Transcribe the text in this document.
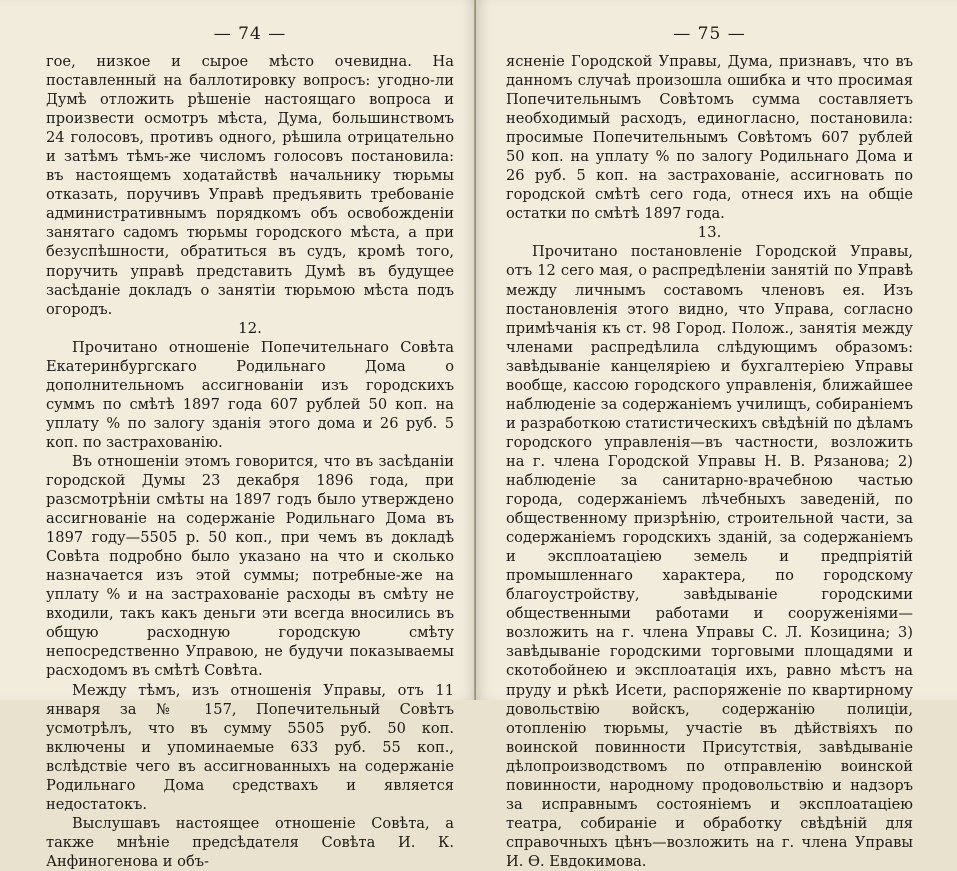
— 74 —

гое, низкое и сырое мѣсто очевидна. На поставленный на баллотировку вопросъ: угодно-ли Думѣ отложить рѣшеніе настоящаго вопроса и произвести осмотръ мѣста, Дума, большинствомъ 24 голосовъ, противъ одного, рѣшила отрицательно и затѣмъ тѣмъ-же числомъ голосовъ постановила: въ настоящемъ ходатайствѣ начальнику тюрьмы отказать, поручивъ Управѣ предъявить требованіе административнымъ порядкомъ объ освобожденіи занятаго садомъ тюрьмы городского мѣста, а при безуспѣшности, обратиться въ судъ, кромѣ того, поручить управѣ представить Думѣ въ будущее засѣданіе докладъ о занятіи тюрьмою мѣста подъ огородъ.

12.

Прочитано отношеніе Попечительнаго Совѣта Екатеринбургскаго Родильнаго Дома о дополнительномъ ассигнованіи изъ городскихъ суммъ по смѣтѣ 1897 года 607 рублей 50 коп. на уплату % по залогу зданія этого дома и 26 руб. 5 коп. по застрахованію.

Въ отношеніи этомъ говорится, что въ засѣданіи городской Думы 23 декабря 1896 года, при разсмотрѣніи смѣты на 1897 годъ было утверждено ассигнованіе на содержаніе Родильнаго Дома въ 1897 году—5505 р. 50 коп., при чемъ въ докладѣ Совѣта подробно было указано на что и сколько назначается изъ этой суммы; потребные-же на уплату % и на застрахованіе расходы въ смѣту не входили, такъ какъ деньги эти всегда вносились въ общую расходную городскую смѣту непосредственно Управою, не будучи показываемы расходомъ въ смѣтѣ Совѣта.

Между тѣмъ, изъ отношенія Управы, отъ 11 января за № 157, Попечительный Совѣтъ усмотрѣлъ, что въ сумму 5505 руб. 50 коп. включены и упоминаемые 633 руб. 55 коп., вслѣдствіе чего въ ассигнованныхъ на содержаніе Родильнаго Дома средствахъ и является недостатокъ.

Выслушавъ настоящее отношеніе Совѣта, а также мнѣніе предсѣдателя Совѣта И. К. Анфиногенова и объ-

— 75 —

ясненіе Городской Управы, Дума, признавъ, что въ данномъ случаѣ произошла ошибка и что просимая Попечительнымъ Совѣтомъ сумма составляетъ необходимый расходъ, единогласно, постановила: просимые Попечительнымъ Совѣтомъ 607 рублей 50 коп. на уплату % по залогу Родильнаго Дома и 26 руб. 5 коп. на застрахованіе, ассигновать по городской смѣтѣ сего года, отнеся ихъ на общіе остатки по смѣтѣ 1897 года.

13.

Прочитано постановленіе Городской Управы, отъ 12 сего мая, о распредѣленіи занятій по Управѣ между личнымъ составомъ членовъ ея. Изъ постановленія этого видно, что Управа, согласно примѣчанія къ ст. 98 Город. Полож., занятія между членами распредѣлила слѣдующимъ образомъ: завѣдываніе канцеляріею и бухгалтеріею Управы вообще, кассою городского управленія, ближайшее наблюденіе за содержаніемъ училищъ, собираніемъ и разработкою статистическихъ свѣдѣній по дѣламъ городского управленія—въ частности, возложить на г. члена Городской Управы Н. В. Рязанова; 2) наблюденіе за санитарно-врачебною частью города, содержаніемъ лѣчебныхъ заведеній, по общественному призрѣнію, строительной части, за содержаніемъ городскихъ зданій, за содержаніемъ и эксплоатаціею земель и предпріятій промышленнаго характера, по городскому благоустройству, завѣдываніе городскими общественными работами и сооруженіями—возложить на г. члена Управы С. Л. Козицина; 3) завѣдываніе городскими торговыми площадями и скотобойнею и эксплоатація ихъ, равно мѣстъ на пруду и рѣкѣ Исети, распоряженіе по квартирному довольствію войскъ, содержанію полиціи, отопленію тюрьмы, участіе въ дѣйствіяхъ по воинской повинности Присутствія, завѣдываніе дѣлопроизводствомъ по отправленію воинской повинности, народному продовольствію и надзоръ за исправнымъ состояніемъ и эксплоатаціею театра, собираніе и обработку свѣдѣній для справочныхъ цѣнъ—возложить на г. члена Управы И. Ѳ. Евдокимова.
